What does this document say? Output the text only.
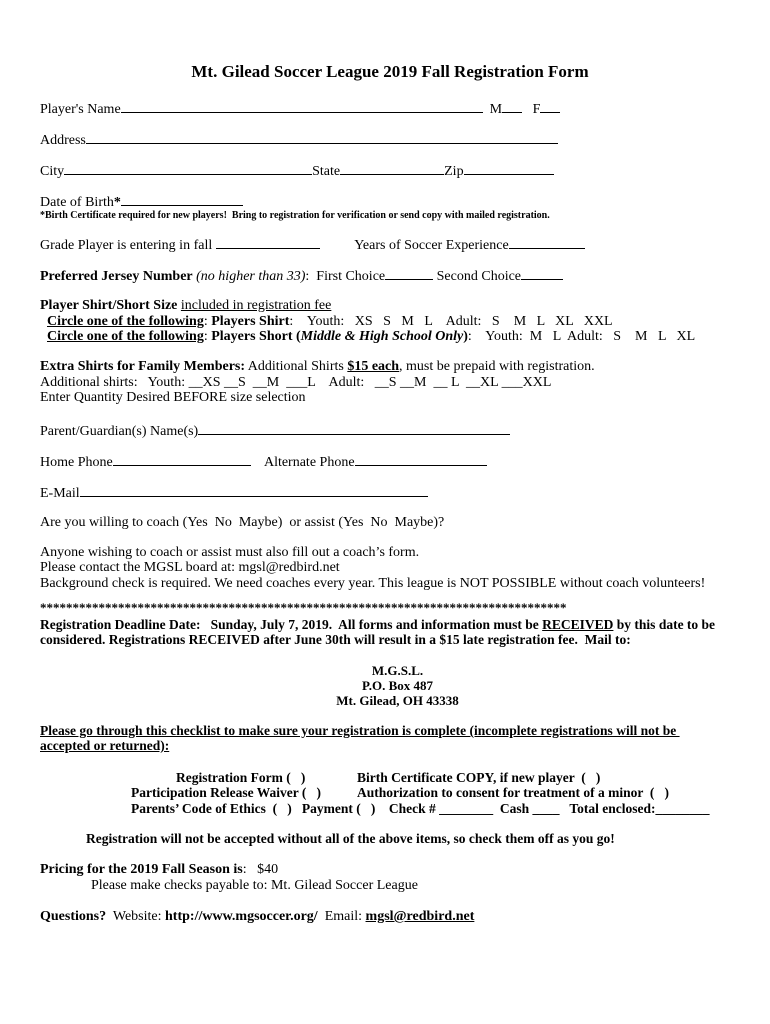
Mt. Gilead Soccer League 2019 Fall Registration Form
Player's Name	M F
Address
City	State	Zip
Date of Birth*
*Birth Certificate required for new players!  Bring to registration for verification or send copy with mailed registration.
Grade Player is entering in fall	Years of Soccer Experience
Preferred Jersey Number (no higher than 33):  First Choice	Second Choice
Player Shirt/Short Size included in registration fee
Circle one of the following: Players Shirt:    Youth:   XS   S   M   L    Adult:   S    M   L   XL   XXL
Circle one of the following: Players Short (Middle & High School Only):    Youth:  M   L  Adult:   S    M   L   XL
Extra Shirts for Family Members: Additional Shirts $15 each, must be prepaid with registration.
Additional shirts:   Youth: __XS __S  __M  ___L    Adult:   __S __M  __ L  __XL ___XXL
Enter Quantity Desired BEFORE size selection
Parent/Guardian(s) Name(s)
Home Phone	Alternate Phone
E-Mail
Are you willing to coach (Yes  No  Maybe)  or assist (Yes  No  Maybe)?
Anyone wishing to coach or assist must also fill out a coach’s form.
Please contact the MGSL board at: mgsl@redbird.net
Background check is required. We need coaches every year. This league is NOT POSSIBLE without coach volunteers!
*********************************************************************************
Registration Deadline Date:   Sunday, July 7, 2019.  All forms and information must be RECEIVED by this date to be
considered. Registrations RECEIVED after June 30th will result in a $15 late registration fee.  Mail to:
M.G.S.L.
P.O. Box 487
Mt. Gilead, OH 43338
Please go through this checklist to make sure your registration is complete (incomplete registrations will not be
accepted or returned):
Registration Form (   )	Birth Certificate COPY, if new player  (   )
Participation Release Waiver (   )	Authorization to consent for treatment of a minor  (   )
Parents’ Code of Ethics  (   )   Payment (   )    Check # ________  Cash ____   Total enclosed:________
Registration will not be accepted without all of the above items, so check them off as you go!
Pricing for the 2019 Fall Season is:   $40
Please make checks payable to: Mt. Gilead Soccer League
Questions?  Website: http://www.mgsoccer.org/  Email: mgsl@redbird.net
